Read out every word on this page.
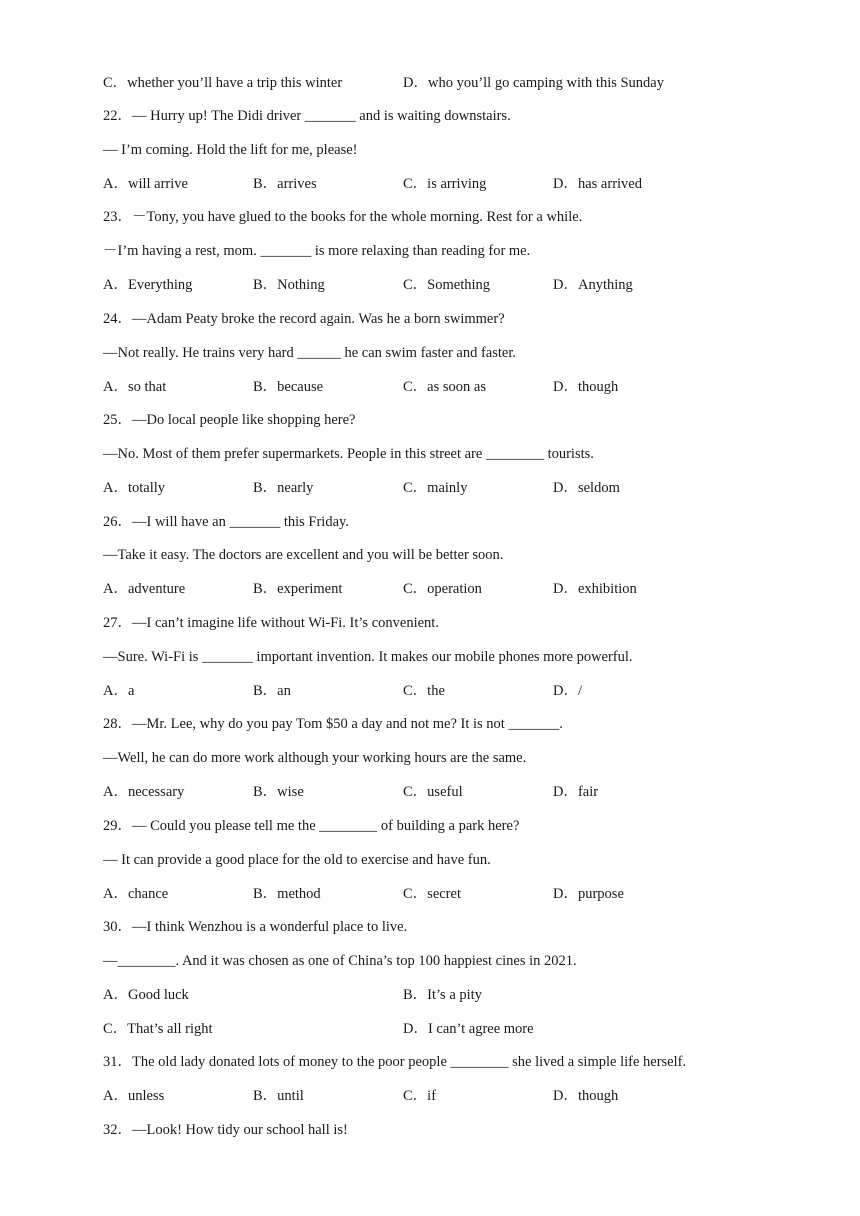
C．whether you’ll have a trip this winter	D．who you’ll go camping with this Sunday
22．— Hurry up! The Didi driver _______ and is waiting downstairs.
— I’m coming. Hold the lift for me, please!
A．will arrive	B．arrives	C．is arriving	D．has arrived
23．－Tony, you have glued to the books for the whole morning. Rest for a while.
－I’m having a rest, mom. _______ is more relaxing than reading for me.
A．Everything	B．Nothing	C．Something	D．Anything
24．—Adam Peaty broke the record again. Was he a born swimmer?
—Not really. He trains very hard ______ he can swim faster and faster.
A．so that	B．because	C．as soon as	D．though
25．—Do local people like shopping here?
—No. Most of them prefer supermarkets. People in this street are ________ tourists.
A．totally	B．nearly	C．mainly	D．seldom
26．—I will have an _______ this Friday.
—Take it easy. The doctors are excellent and you will be better soon.
A．adventure	B．experiment	C．operation	D．exhibition
27．—I can’t imagine life without Wi-Fi. It’s convenient.
—Sure. Wi-Fi is _______ important invention. It makes our mobile phones more powerful.
A．a	B．an	C．the	D．/
28．—Mr. Lee, why do you pay Tom $50 a day and not me? It is not _______.
—Well, he can do more work although your working hours are the same.
A．necessary	B．wise	C．useful	D．fair
29．— Could you please tell me the ________ of building a park here?
— It can provide a good place for the old to exercise and have fun.
A．chance	B．method	C．secret	D．purpose
30．—I think Wenzhou is a wonderful place to live.
—________. And it was chosen as one of China’s top 100 happiest cines in 2021.
A．Good luck	B．It’s a pity
C．That’s all right	D．I can’t agree more
31．The old lady donated lots of money to the poor people ________ she lived a simple life herself.
A．unless	B．until	C．if	D．though
32．—Look! How tidy our school hall is!
